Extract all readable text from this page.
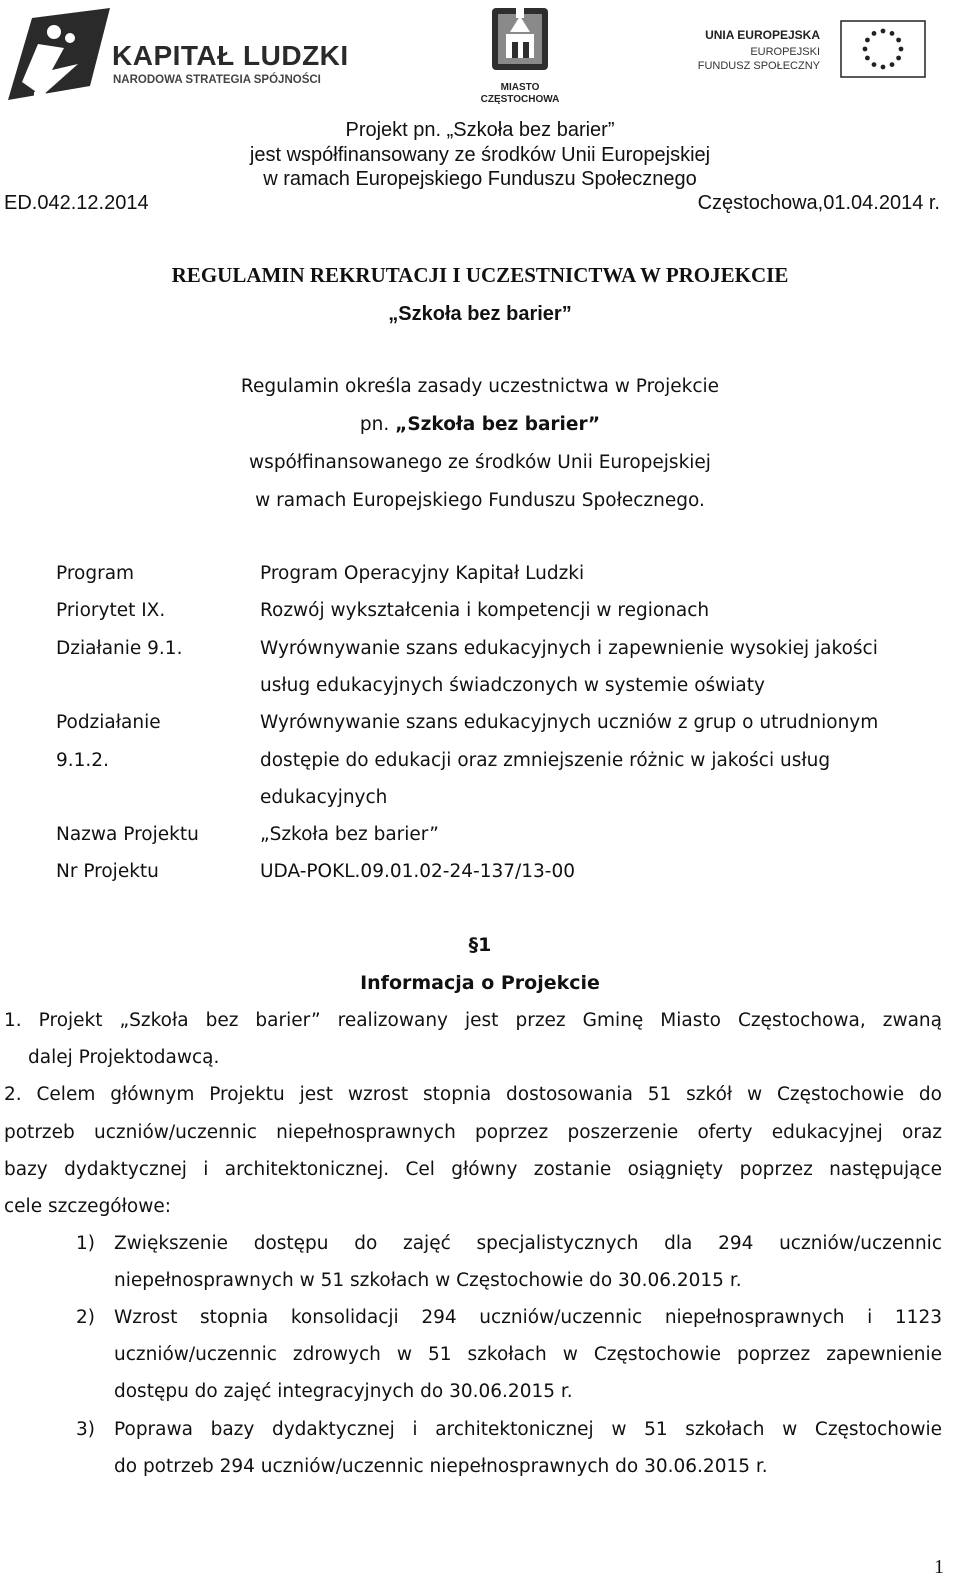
KAPITAŁ LUDZKI
NARODOWA STRATEGIA SPÓJNOŚCI
MIASTO
CZĘSTOCHOWA
UNIA EUROPEJSKA
EUROPEJSKI
FUNDUSZ SPOŁECZNY
Projekt pn. „Szkoła bez barier”
jest współfinansowany ze środków Unii Europejskiej
w ramach Europejskiego Funduszu Społecznego
ED.042.12.2014	Częstochowa,01.04.2014 r.
REGULAMIN REKRUTACJI I UCZESTNICTWA W PROJEKCIE
„Szkoła bez barier”
Regulamin określa zasady uczestnictwa w Projekcie
pn. „Szkoła bez barier”
współfinansowanego ze środków Unii Europejskiej
w ramach Europejskiego Funduszu Społecznego.
Program	Program Operacyjny Kapitał Ludzki
Priorytet IX.	Rozwój wykształcenia i kompetencji w regionach
Działanie 9.1.	Wyrównywanie szans edukacyjnych i zapewnienie wysokiej jakości
usług edukacyjnych świadczonych w systemie oświaty
Podziałanie	Wyrównywanie szans edukacyjnych uczniów z grup o utrudnionym
9.1.2.	dostępie do edukacji oraz zmniejszenie różnic w jakości usług
edukacyjnych
Nazwa Projektu	„Szkoła bez barier”
Nr Projektu	UDA-POKL.09.01.02-24-137/13-00
§1
Informacja o Projekcie
1. Projekt „Szkoła bez barier” realizowany jest przez Gminę Miasto Częstochowa, zwaną
dalej Projektodawcą.
2. Celem głównym Projektu jest wzrost stopnia dostosowania 51 szkół w Częstochowie do
potrzeb uczniów/uczennic niepełnosprawnych poprzez poszerzenie oferty edukacyjnej oraz
bazy dydaktycznej i architektonicznej. Cel główny zostanie osiągnięty poprzez następujące
cele szczegółowe:
1) Zwiększenie dostępu do zajęć specjalistycznych dla 294 uczniów/uczennic
niepełnosprawnych w 51 szkołach w Częstochowie do 30.06.2015 r.
2) Wzrost stopnia konsolidacji 294 uczniów/uczennic niepełnosprawnych i 1123
uczniów/uczennic zdrowych w 51 szkołach w Częstochowie poprzez zapewnienie
dostępu do zajęć integracyjnych do 30.06.2015 r.
3) Poprawa bazy dydaktycznej i architektonicznej w 51 szkołach w Częstochowie
do potrzeb 294 uczniów/uczennic niepełnosprawnych do 30.06.2015 r.
1
